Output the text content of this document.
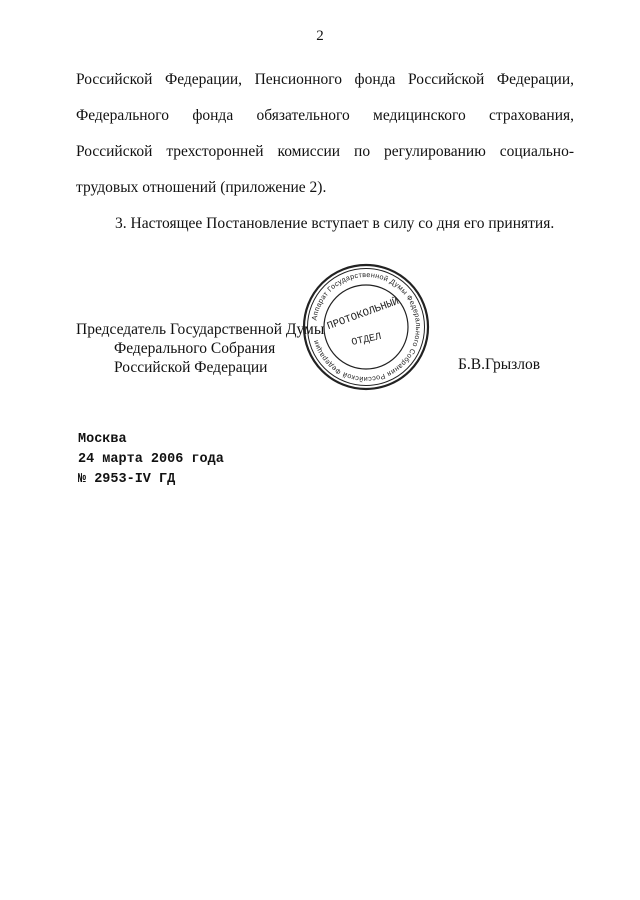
2
Российской Федерации, Пенсионного фонда Российской Федерации,
Федерального фонда обязательного медицинского страхования,
Российской трехсторонней комиссии по регулированию социально-
трудовых отношений (приложение 2).
3. Настоящее Постановление вступает в силу со дня его принятия.
Председатель Государственной Думы
Федерального Собрания
Российской Федерации	Б.В.Грызлов
Аппарат Государственной Думы Федерального Собрания Российской Федерации
ПРОТОКОЛЬНЫЙ
ОТДЕЛ
Москва
24 марта 2006 года
№ 2953-IV ГД
